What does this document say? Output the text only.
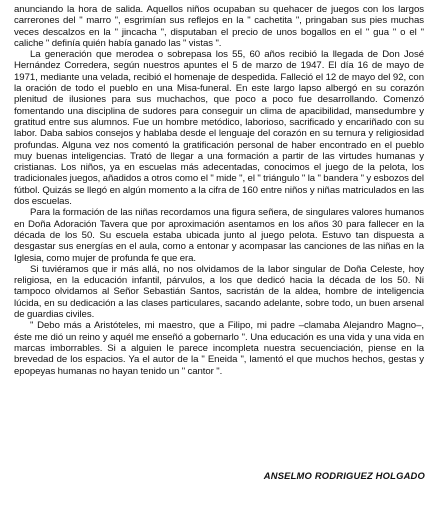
anunciando la hora de salida. Aquellos niños ocupaban su quehacer de juegos con los largos carrerones del " marro ", esgrimían sus reflejos en la " cachetita ", pringaban sus pies muchas veces descalzos en la " jincacha ", disputaban el precio de unos bogallos en el " gua " o el " caliche " definía quién había ganado las " vistas ".

La generación que merodea o sobrepasa los 55, 60 años recibió la llegada de Don José Hernández Corredera, según nuestros apuntes el 5 de marzo de 1947. El día 16 de mayo de 1971, mediante una velada, recibió el homenaje de despedida. Falleció el 12 de mayo del 92, con la oración de todo el pueblo en una Misa-funeral. En este largo lapso albergó en su corazón plenitud de ilusiones para sus muchachos, que poco a poco fue desarrollando. Comenzó fomentando una disciplina de sudores para conseguir un clima de apacibilidad, mansedumbre y gratitud entre sus alumnos. Fue un hombre metódico, laborioso, sacrificado y encariñado con su labor. Daba sabios consejos y hablaba desde el lenguaje del corazón en su ternura y religiosidad profundas. Alguna vez nos comentó la gratificación personal de haber encontrado en el pueblo muy buenas inteligencias. Trató de llegar a una formación a partir de las virtudes humanas y cristianas. Los niños, ya en escuelas más adecentadas, conocimos el juego de la pelota, los tradicionales juegos, añadidos a otros como el " mide ", el " triángulo " la " bandera " y esbozos del fútbol. Quizás se llegó en algún momento a la cifra de 160 entre niños y niñas matriculados en las dos escuelas.

Para la formación de las niñas recordamos una figura señera, de singulares valores humanos en Doña Adoración Tavera que por aproximación asentamos en los años 30 para fallecer en la década de los 50. Su escuela estaba ubicada junto al juego pelota. Estuvo tan dispuesta a desgastar sus energías en el aula, como a entonar y acompasar las canciones de las niñas en la Iglesia, como mujer de profunda fe que era.

Si tuviéramos que ir más allá, no nos olvidamos de la labor singular de Doña Celeste, hoy religiosa, en la educación infantil, párvulos, a los que dedicó hacia la década de los 50. Ni tampoco olvidamos al Señor Sebastián Santos, sacristán de la aldea, hombre de inteligencia lúcida, en su dedicación a las clases particulares, sacando adelante, sobre todo, un buen arsenal de guardias civiles.

" Debo más a Aristóteles, mi maestro, que a Filipo, mi padre –clamaba Alejandro Magno–, éste me dió un reino y aquél me enseñó a gobernarlo ". Una educación es una vida y una vida en marcas imborrables. Si a alguien le parece incompleta nuestra secuenciación, piense en la brevedad de los espacios. Ya el autor de la " Eneida ", lamentó el que muchos hechos, gestas y epopeyas humanas no hayan tenido un " cantor ".

ANSELMO RODRIGUEZ HOLGADO
